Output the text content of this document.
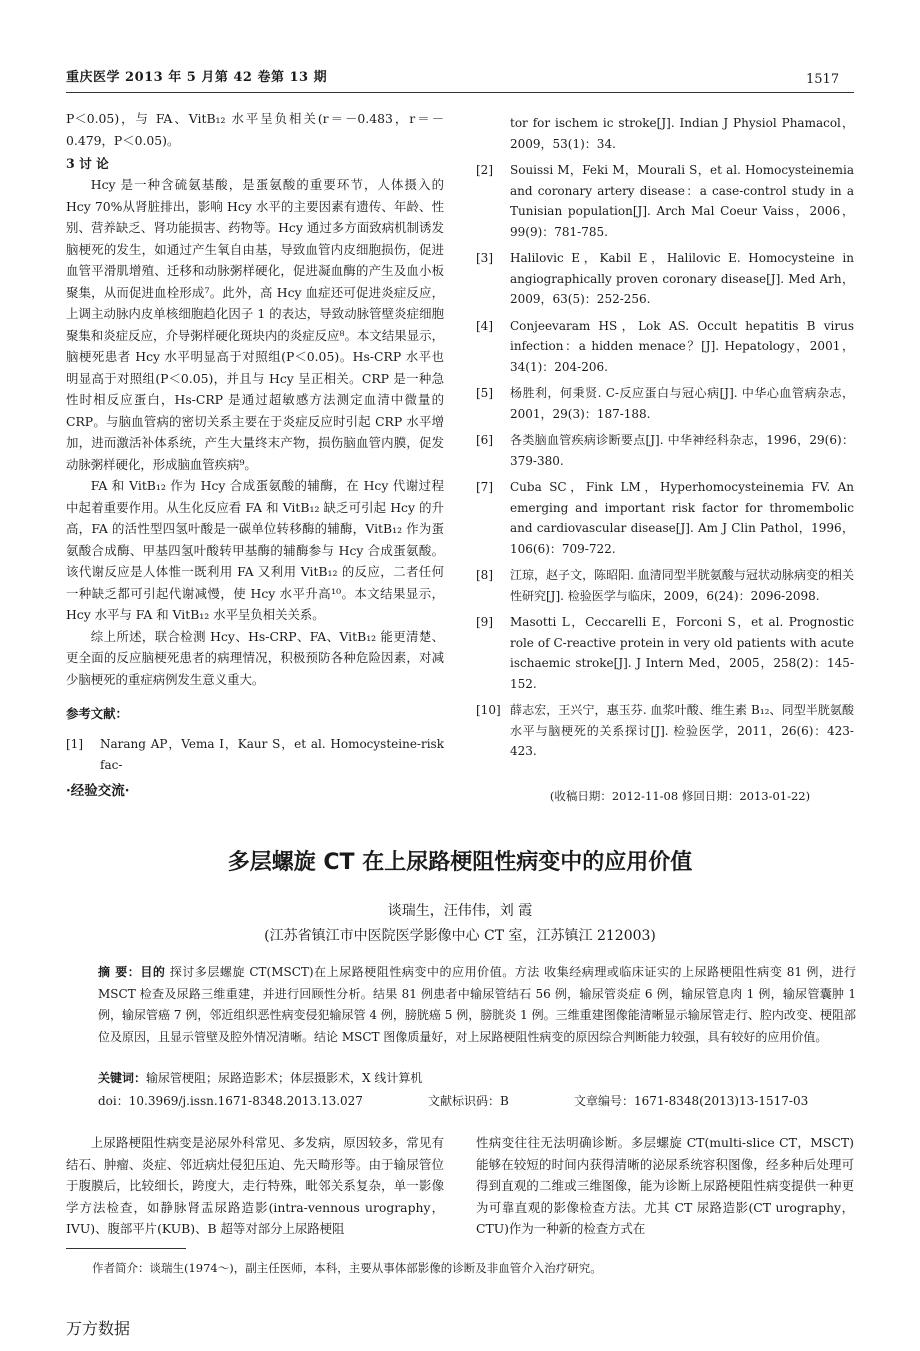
重庆医学 2013 年 5 月第 42 卷第 13 期	1517

P＜0.05)，与 FA、VitB₁₂ 水平呈负相关(r＝－0.483，r＝－0.479，P＜0.05)。

3 讨 论

Hcy 是一种含硫氨基酸，是蛋氨酸的重要环节，人体摄入的 Hcy 70%从肾脏排出，影响 Hcy 水平的主要因素有遗传、年龄、性别、营养缺乏、肾功能损害、药物等。Hcy 通过多方面致病机制诱发脑梗死的发生，如通过产生氧自由基，导致血管内皮细胞损伤，促进血管平滑肌增殖、迁移和动脉粥样硬化，促进凝血酶的产生及血小板聚集，从而促进血栓形成⁷。此外，高 Hcy 血症还可促进炎症反应，上调主动脉内皮单核细胞趋化因子 1 的表达，导致动脉管壁炎症细胞聚集和炎症反应，介导粥样硬化斑块内的炎症反应⁸。本文结果显示，脑梗死患者 Hcy 水平明显高于对照组(P＜0.05)。Hs-CRP 水平也明显高于对照组(P＜0.05)，并且与 Hcy 呈正相关。CRP 是一种急性时相反应蛋白，Hs-CRP 是通过超敏感方法测定血清中微量的 CRP。与脑血管病的密切关系主要在于炎症反应时引起 CRP 水平增加，进而激活补体系统，产生大量终末产物，损伤脑血管内膜，促发动脉粥样硬化，形成脑血管疾病⁹。

FA 和 VitB₁₂ 作为 Hcy 合成蛋氨酸的辅酶，在 Hcy 代谢过程中起着重要作用。从生化反应看 FA 和 VitB₁₂ 缺乏可引起 Hcy 的升高，FA 的活性型四氢叶酸是一碳单位转移酶的辅酶，VitB₁₂ 作为蛋氨酸合成酶、甲基四氢叶酸转甲基酶的辅酶参与 Hcy 合成蛋氨酸。该代谢反应是人体惟一既利用 FA 又利用 VitB₁₂ 的反应，二者任何一种缺乏都可引起代谢减慢，使 Hcy 水平升高¹⁰。本文结果显示，Hcy 水平与 FA 和 VitB₁₂ 水平呈负相关关系。

综上所述，联合检测 Hcy、Hs-CRP、FA、VitB₁₂ 能更清楚、更全面的反应脑梗死患者的病理情况，积极预防各种危险因素，对减少脑梗死的重症病例发生意义重大。

参考文献：
[1] Narang AP，Vema I，Kaur S，et al. Homocysteine-risk fac-
·经验交流·
tor for ischem ic stroke[J]. Indian J Physiol Phamacol，2009，53(1)：34.
[2] Souissi M，Feki M，Mourali S，et al. Homocysteinemia and coronary artery disease：a case-control study in a Tunisian population[J]. Arch Mal Coeur Vaiss，2006，99(9)：781-785.
[3] Halilovic E，Kabil E，Halilovic E. Homocysteine in angiographically proven coronary disease[J]. Med Arh，2009，63(5)：252-256.
[4] Conjeevaram HS，Lok AS. Occult hepatitis B virus infection：a hidden menace？[J]. Hepatology，2001，34(1)：204-206.
[5] 杨胜利，何秉贤. C-反应蛋白与冠心病[J]. 中华心血管病杂志，2001，29(3)：187-188.
[6] 各类脑血管疾病诊断要点[J]. 中华神经科杂志，1996，29(6)：379-380.
[7] Cuba SC，Fink LM，Hyperhomocysteinemia FV. An emerging and important risk factor for thromembolic and cardiovascular disease[J]. Am J Clin Pathol，1996，106(6)：709-722.
[8] 江琼，赵子文，陈昭阳. 血清同型半胱氨酸与冠状动脉病变的相关性研究[J]. 检验医学与临床，2009，6(24)：2096-2098.
[9] Masotti L，Ceccarelli E，Forconi S，et al. Prognostic role of C-reactive protein in very old patients with acute ischaemic stroke[J]. J Intern Med，2005，258(2)：145-152.
[10] 薛志宏，王兴宁，惠玉芬. 血浆叶酸、维生素 B₁₂、同型半胱氨酸水平与脑梗死的关系探讨[J]. 检验医学，2011，26(6)：423-423.
(收稿日期：2012-11-08 修回日期：2013-01-22)
多层螺旋 CT 在上尿路梗阻性病变中的应用价值
谈瑞生，汪伟伟，刘 霞
(江苏省镇江市中医院医学影像中心 CT 室，江苏镇江 212003)
摘 要：目的 探讨多层螺旋 CT(MSCT)在上尿路梗阻性病变中的应用价值。方法 收集经病理或临床证实的上尿路梗阻性病变 81 例，进行 MSCT 检查及尿路三维重建，并进行回顾性分析。结果 81 例患者中输尿管结石 56 例，输尿管炎症 6 例，输尿管息肉 1 例，输尿管囊肿 1 例，输尿管癌 7 例，邻近组织恶性病变侵犯输尿管 4 例，膀胱癌 5 例，膀胱炎 1 例。三维重建图像能清晰显示输尿管走行、腔内改变、梗阻部位及原因，且显示管壁及腔外情况清晰。结论 MSCT 图像质量好，对上尿路梗阻性病变的原因综合判断能力较强，具有较好的应用价值。
关键词：输尿管梗阻；尿路造影术；体层摄影术，X 线计算机
doi：10.3969/j.issn.1671-8348.2013.13.027	文献标识码：B	文章编号：1671-8348(2013)13-1517-03

上尿路梗阻性病变是泌尿外科常见、多发病，原因较多，常见有结石、肿瘤、炎症、邻近病灶侵犯压迫、先天畸形等。由于输尿管位于腹膜后，比较细长，跨度大，走行特殊，毗邻关系复杂，单一影像学方法检查，如静脉肾盂尿路造影(intra-vennous urography，IVU)、腹部平片(KUB)、B 超等对部分上尿路梗阻

性病变往往无法明确诊断。多层螺旋 CT(multi-slice CT，MSCT)能够在较短的时间内获得清晰的泌尿系统容积图像，经多种后处理可得到直观的二维或三维图像，能为诊断上尿路梗阻性病变提供一种更为可靠直观的影像检查方法。尤其 CT 尿路造影(CT urography，CTU)作为一种新的检查方式在

作者简介：谈瑞生(1974～)，副主任医师，本科，主要从事体部影像的诊断及非血管介入治疗研究。
万方数据
